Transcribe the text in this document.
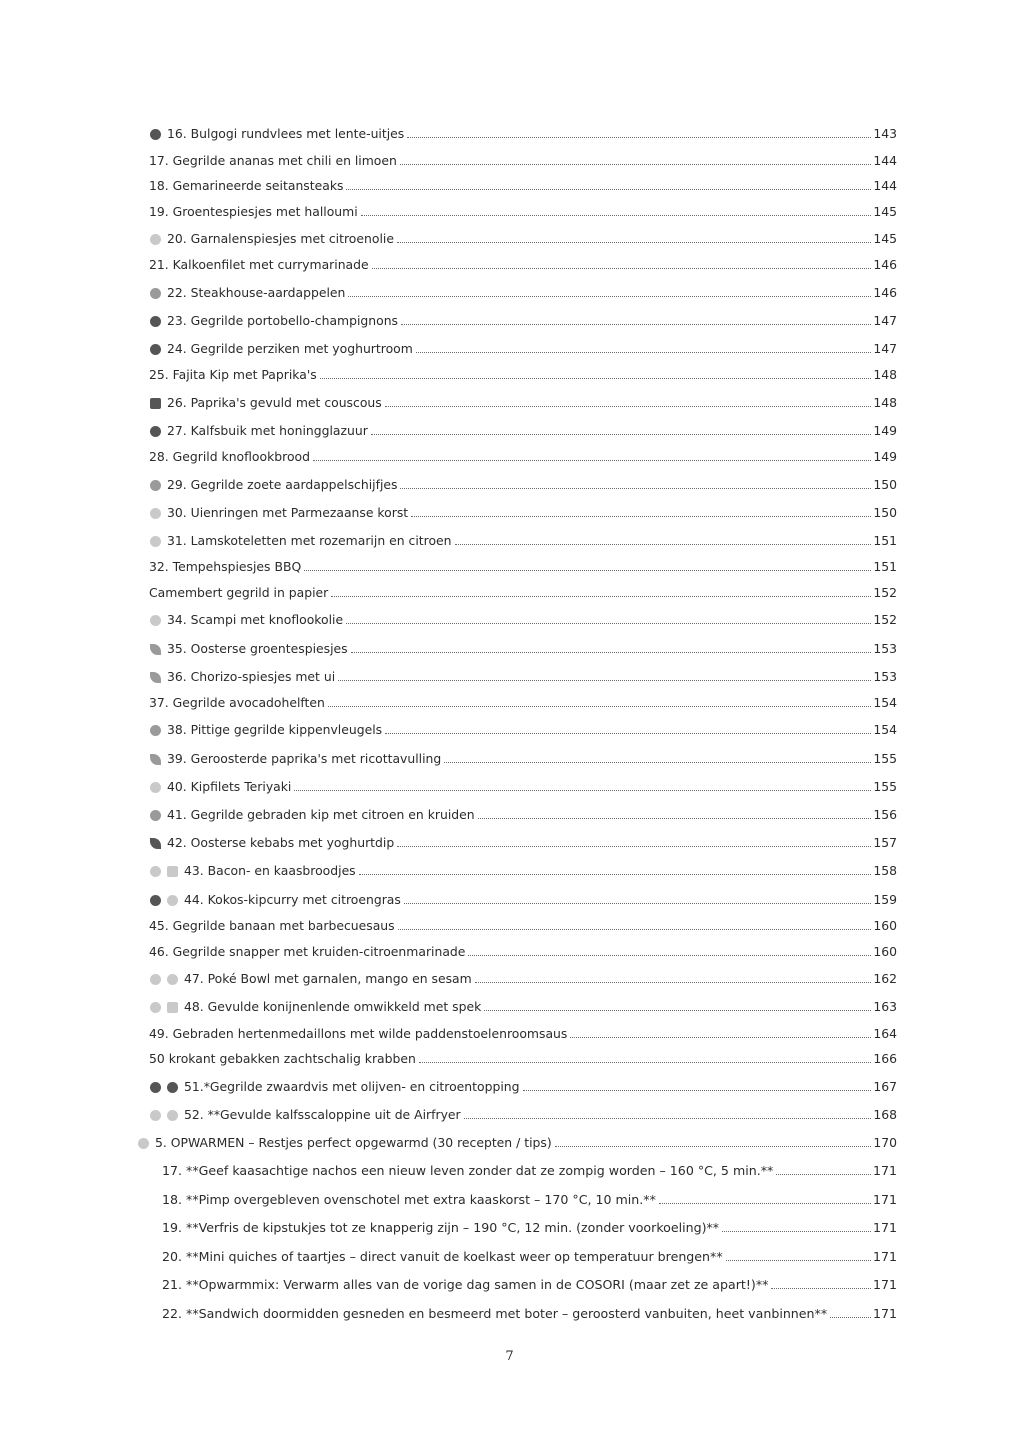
16. Bulgogi rundvlees met lente-uitjes	143
17. Gegrilde ananas met chili en limoen	144
18. Gemarineerde seitansteaks	144
19. Groentespiesjes met halloumi	145
20. Garnalenspiesjes met citroenolie	145
21. Kalkoenfilet met currymarinade	146
22. Steakhouse-aardappelen	146
23. Gegrilde portobello-champignons	147
24. Gegrilde perziken met yoghurtroom	147
25. Fajita Kip met Paprika's	148
26. Paprika's gevuld met couscous	148
27. Kalfsbuik met honingglazuur	149
28. Gegrild knoflookbrood	149
29. Gegrilde zoete aardappelschijfjes	150
30. Uienringen met Parmezaanse korst	150
31. Lamskoteletten met rozemarijn en citroen	151
32. Tempehspiesjes BBQ	151
Camembert gegrild in papier	152
34. Scampi met knoflookolie	152
35. Oosterse groentespiesjes	153
36. Chorizo-spiesjes met ui	153
37. Gegrilde avocadohelften	154
38. Pittige gegrilde kippenvleugels	154
39. Geroosterde paprika's met ricottavulling	155
40. Kipfilets Teriyaki	155
41. Gegrilde gebraden kip met citroen en kruiden	156
42. Oosterse kebabs met yoghurtdip	157
43. Bacon- en kaasbroodjes	158
44. Kokos-kipcurry met citroengras	159
45. Gegrilde banaan met barbecuesaus	160
46. Gegrilde snapper met kruiden-citroenmarinade	160
47. Poké Bowl met garnalen, mango en sesam	162
48. Gevulde konijnenlende omwikkeld met spek	163
49. Gebraden hertenmedaillons met wilde paddenstoelenroomsaus	164
50 krokant gebakken zachtschalig krabben	166
51.*Gegrilde zwaardvis met olijven- en citroentopping	167
52. **Gevulde kalfsscaloppine uit de Airfryer	168
5. OPWARMEN – Restjes perfect opgewarmd (30 recepten / tips)	170
17. **Geef kaasachtige nachos een nieuw leven zonder dat ze zompig worden – 160 °C, 5 min.**	171
18. **Pimp overgebleven ovenschotel met extra kaaskorst – 170 °C, 10 min.**	171
19. **Verfris de kipstukjes tot ze knapperig zijn – 190 °C, 12 min. (zonder voorkoeling)**	171
20. **Mini quiches of taartjes – direct vanuit de koelkast weer op temperatuur brengen**	171
21. **Opwarmmix: Verwarm alles van de vorige dag samen in de COSORI (maar zet ze apart!)**	171
22. **Sandwich doormidden gesneden en besmeerd met boter – geroosterd vanbuiten, heet vanbinnen**	171
7
